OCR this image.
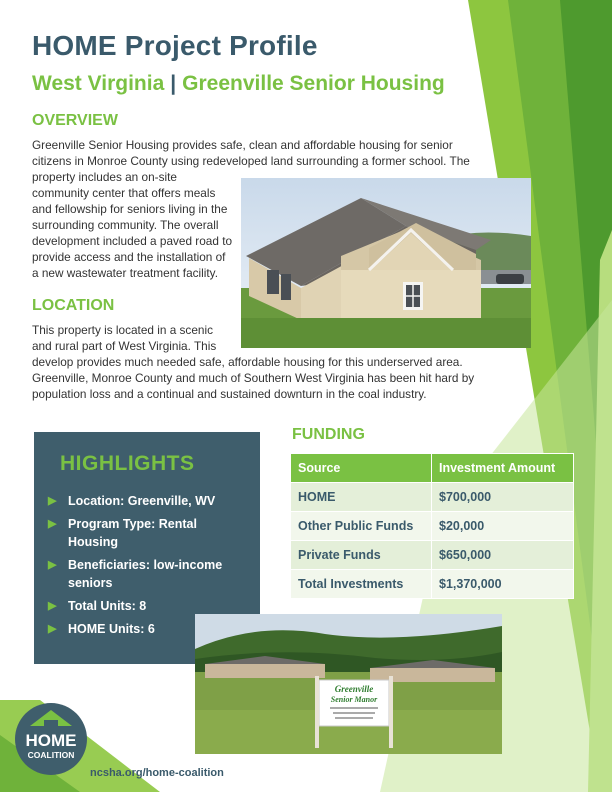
HOME Project Profile
West Virginia | Greenville Senior Housing
OVERVIEW
Greenville Senior Housing provides safe, clean and affordable housing for senior
citizens in Monroe County using redeveloped land surrounding a former school. The
property includes an on-site
community center that offers meals
and fellowship for seniors living in the
surrounding community. The overall
development included a paved road to
provide access and the installation of
a new wastewater treatment facility.
LOCATION
This property is located in a scenic
and rural part of West Virginia. This
develop provides much needed safe, affordable housing for this underserved area.
Greenville, Monroe County and much of Southern West Virginia has been hit hard by
population loss and a continual and sustained downturn in the coal industry.
HIGHLIGHTS
▶ Location: Greenville, WV
▶ Program Type: Rental
Housing
▶ Beneficiaries: low-income
seniors
▶ Total Units: 8
▶ HOME Units: 6
FUNDING
Source	Investment Amount
HOME	$700,000
Other Public Funds	$20,000
Private Funds	$650,000
Total Investments	$1,370,000
Greenville
Senior Manor
HOME
COALITION
ncsha.org/home-coalition
